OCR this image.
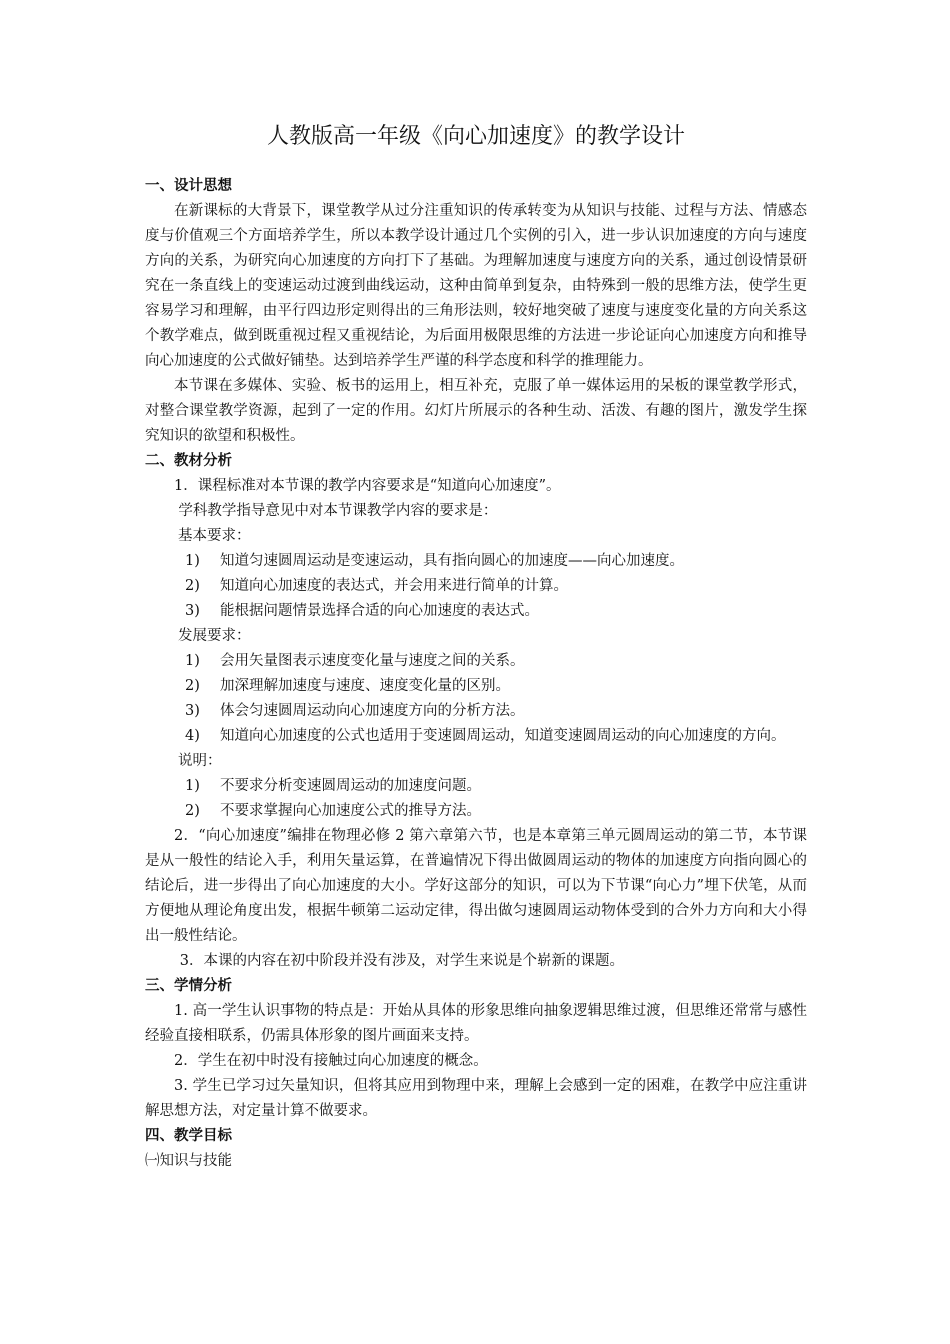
人教版高一年级《向心加速度》的教学设计

一、设计思想

在新课标的大背景下，课堂教学从过分注重知识的传承转变为从知识与技能、过程与方法、情感态度与价值观三个方面培养学生，所以本教学设计通过几个实例的引入，进一步认识加速度的方向与速度方向的关系，为研究向心加速度的方向打下了基础。为理解加速度与速度方向的关系，通过创设情景研究在一条直线上的变速运动过渡到曲线运动，这种由简单到复杂，由特殊到一般的思维方法，使学生更容易学习和理解，由平行四边形定则得出的三角形法则，较好地突破了速度与速度变化量的方向关系这个教学难点，做到既重视过程又重视结论，为后面用极限思维的方法进一步论证向心加速度方向和推导向心加速度的公式做好铺垫。达到培养学生严谨的科学态度和科学的推理能力。

本节课在多媒体、实验、板书的运用上，相互补充，克服了单一媒体运用的呆板的课堂教学形式，对整合课堂教学资源，起到了一定的作用。幻灯片所展示的各种生动、活泼、有趣的图片，激发学生探究知识的欲望和积极性。

二、教材分析

1．课程标准对本节课的教学内容要求是“知道向心加速度”。

学科教学指导意见中对本节课教学内容的要求是：

基本要求：

1) 知道匀速圆周运动是变速运动，具有指向圆心的加速度——向心加速度。
2) 知道向心加速度的表达式，并会用来进行简单的计算。
3) 能根据问题情景选择合适的向心加速度的表达式。

发展要求：

1) 会用矢量图表示速度变化量与速度之间的关系。
2) 加深理解加速度与速度、速度变化量的区别。
3) 体会匀速圆周运动向心加速度方向的分析方法。
4) 知道向心加速度的公式也适用于变速圆周运动，知道变速圆周运动的向心加速度的方向。

说明：

1) 不要求分析变速圆周运动的加速度问题。
2) 不要求掌握向心加速度公式的推导方法。

2．“向心加速度”编排在物理必修 2 第六章第六节，也是本章第三单元圆周运动的第二节，本节课是从一般性的结论入手，利用矢量运算，在普遍情况下得出做圆周运动的物体的加速度方向指向圆心的结论后，进一步得出了向心加速度的大小。学好这部分的知识，可以为下节课“向心力”埋下伏笔，从而方便地从理论角度出发，根据牛顿第二运动定律，得出做匀速圆周运动物体受到的合外力方向和大小得出一般性结论。

3．本课的内容在初中阶段并没有涉及，对学生来说是个崭新的课题。

三、学情分析

1. 高一学生认识事物的特点是：开始从具体的形象思维向抽象逻辑思维过渡，但思维还常常与感性经验直接相联系，仍需具体形象的图片画面来支持。

2．学生在初中时没有接触过向心加速度的概念。

3. 学生已学习过矢量知识，但将其应用到物理中来，理解上会感到一定的困难，在教学中应注重讲解思想方法，对定量计算不做要求。

四、教学目标

㈠知识与技能
